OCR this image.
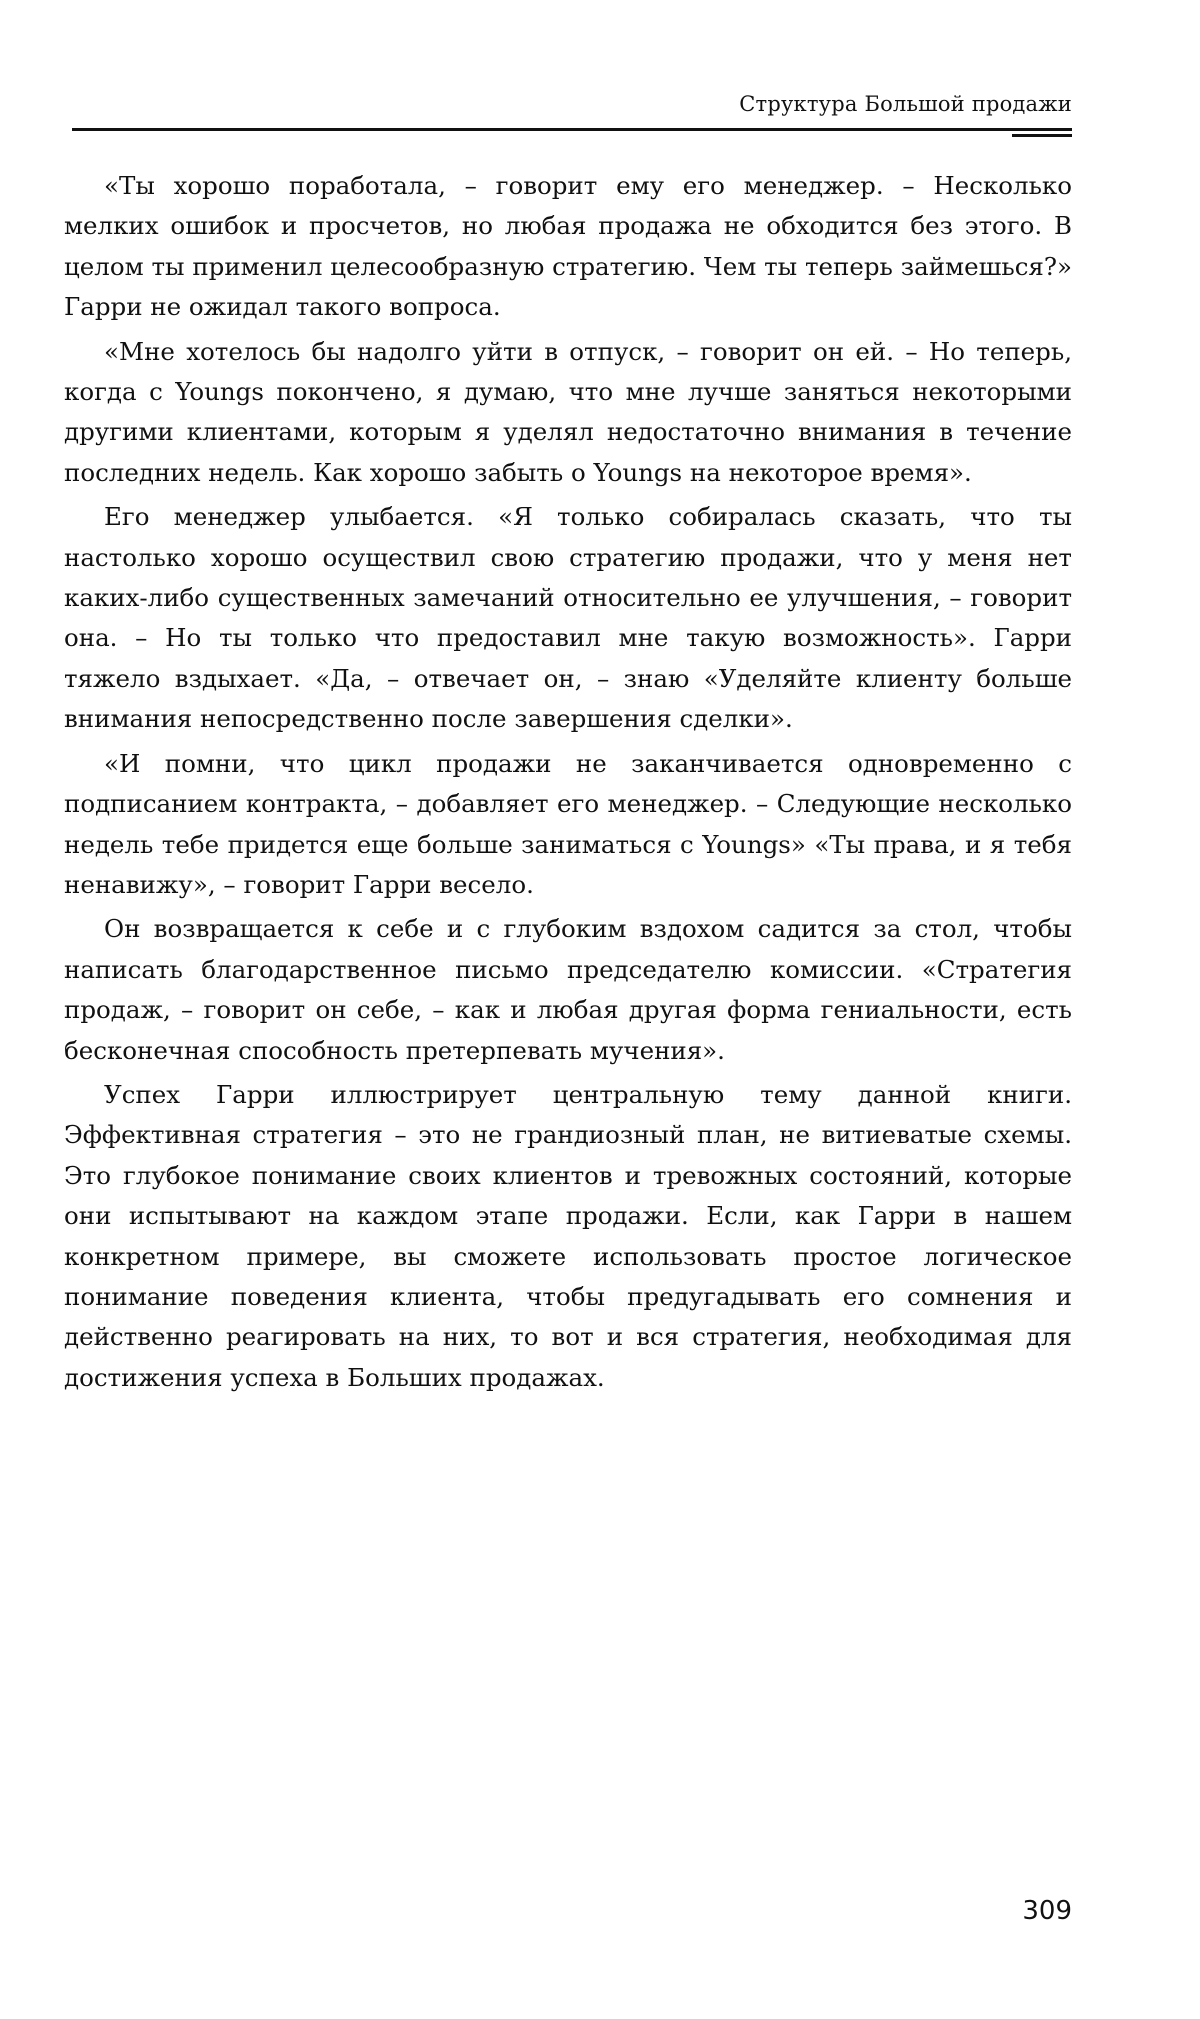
Структура Большой продажи

«Ты хорошо поработала, – говорит ему его менеджер. – Несколько мелких ошибок и просчетов, но любая продажа не обходится без этого. В целом ты применил целесообразную стратегию. Чем ты теперь займешься?» Гарри не ожидал такого вопроса.

«Мне хотелось бы надолго уйти в отпуск, – говорит он ей. – Но теперь, когда с Youngs покончено, я думаю, что мне лучше заняться некоторыми другими клиентами, которым я уделял недостаточно внимания в течение последних недель. Как хорошо забыть о Youngs на некоторое время».

Его менеджер улыбается. «Я только собиралась сказать, что ты настолько хорошо осуществил свою стратегию продажи, что у меня нет каких-либо существенных замечаний относительно ее улучшения, – говорит она. – Но ты только что предоставил мне такую возможность». Гарри тяжело вздыхает. «Да, – отвечает он, – знаю «Уделяйте клиенту больше внимания непосредственно после завершения сделки».

«И помни, что цикл продажи не заканчивается одновременно с подписанием контракта, – добавляет его менеджер. – Следующие несколько недель тебе придется еще больше заниматься с Youngs» «Ты права, и я тебя ненавижу», – говорит Гарри весело.

Он возвращается к себе и с глубоким вздохом садится за стол, чтобы написать благодарственное письмо председателю комиссии. «Стратегия продаж, – говорит он себе, – как и любая другая форма гениальности, есть бесконечная способность претерпевать мучения».

Успех Гарри иллюстрирует центральную тему данной книги. Эффективная стратегия – это не грандиозный план, не витиеватые схемы. Это глубокое понимание своих клиентов и тревожных состояний, которые они испытывают на каждом этапе продажи. Если, как Гарри в нашем конкретном примере, вы сможете использовать простое логическое понимание поведения клиента, чтобы предугадывать его сомнения и действенно реагировать на них, то вот и вся стратегия, необходимая для достижения успеха в Больших продажах.

309
